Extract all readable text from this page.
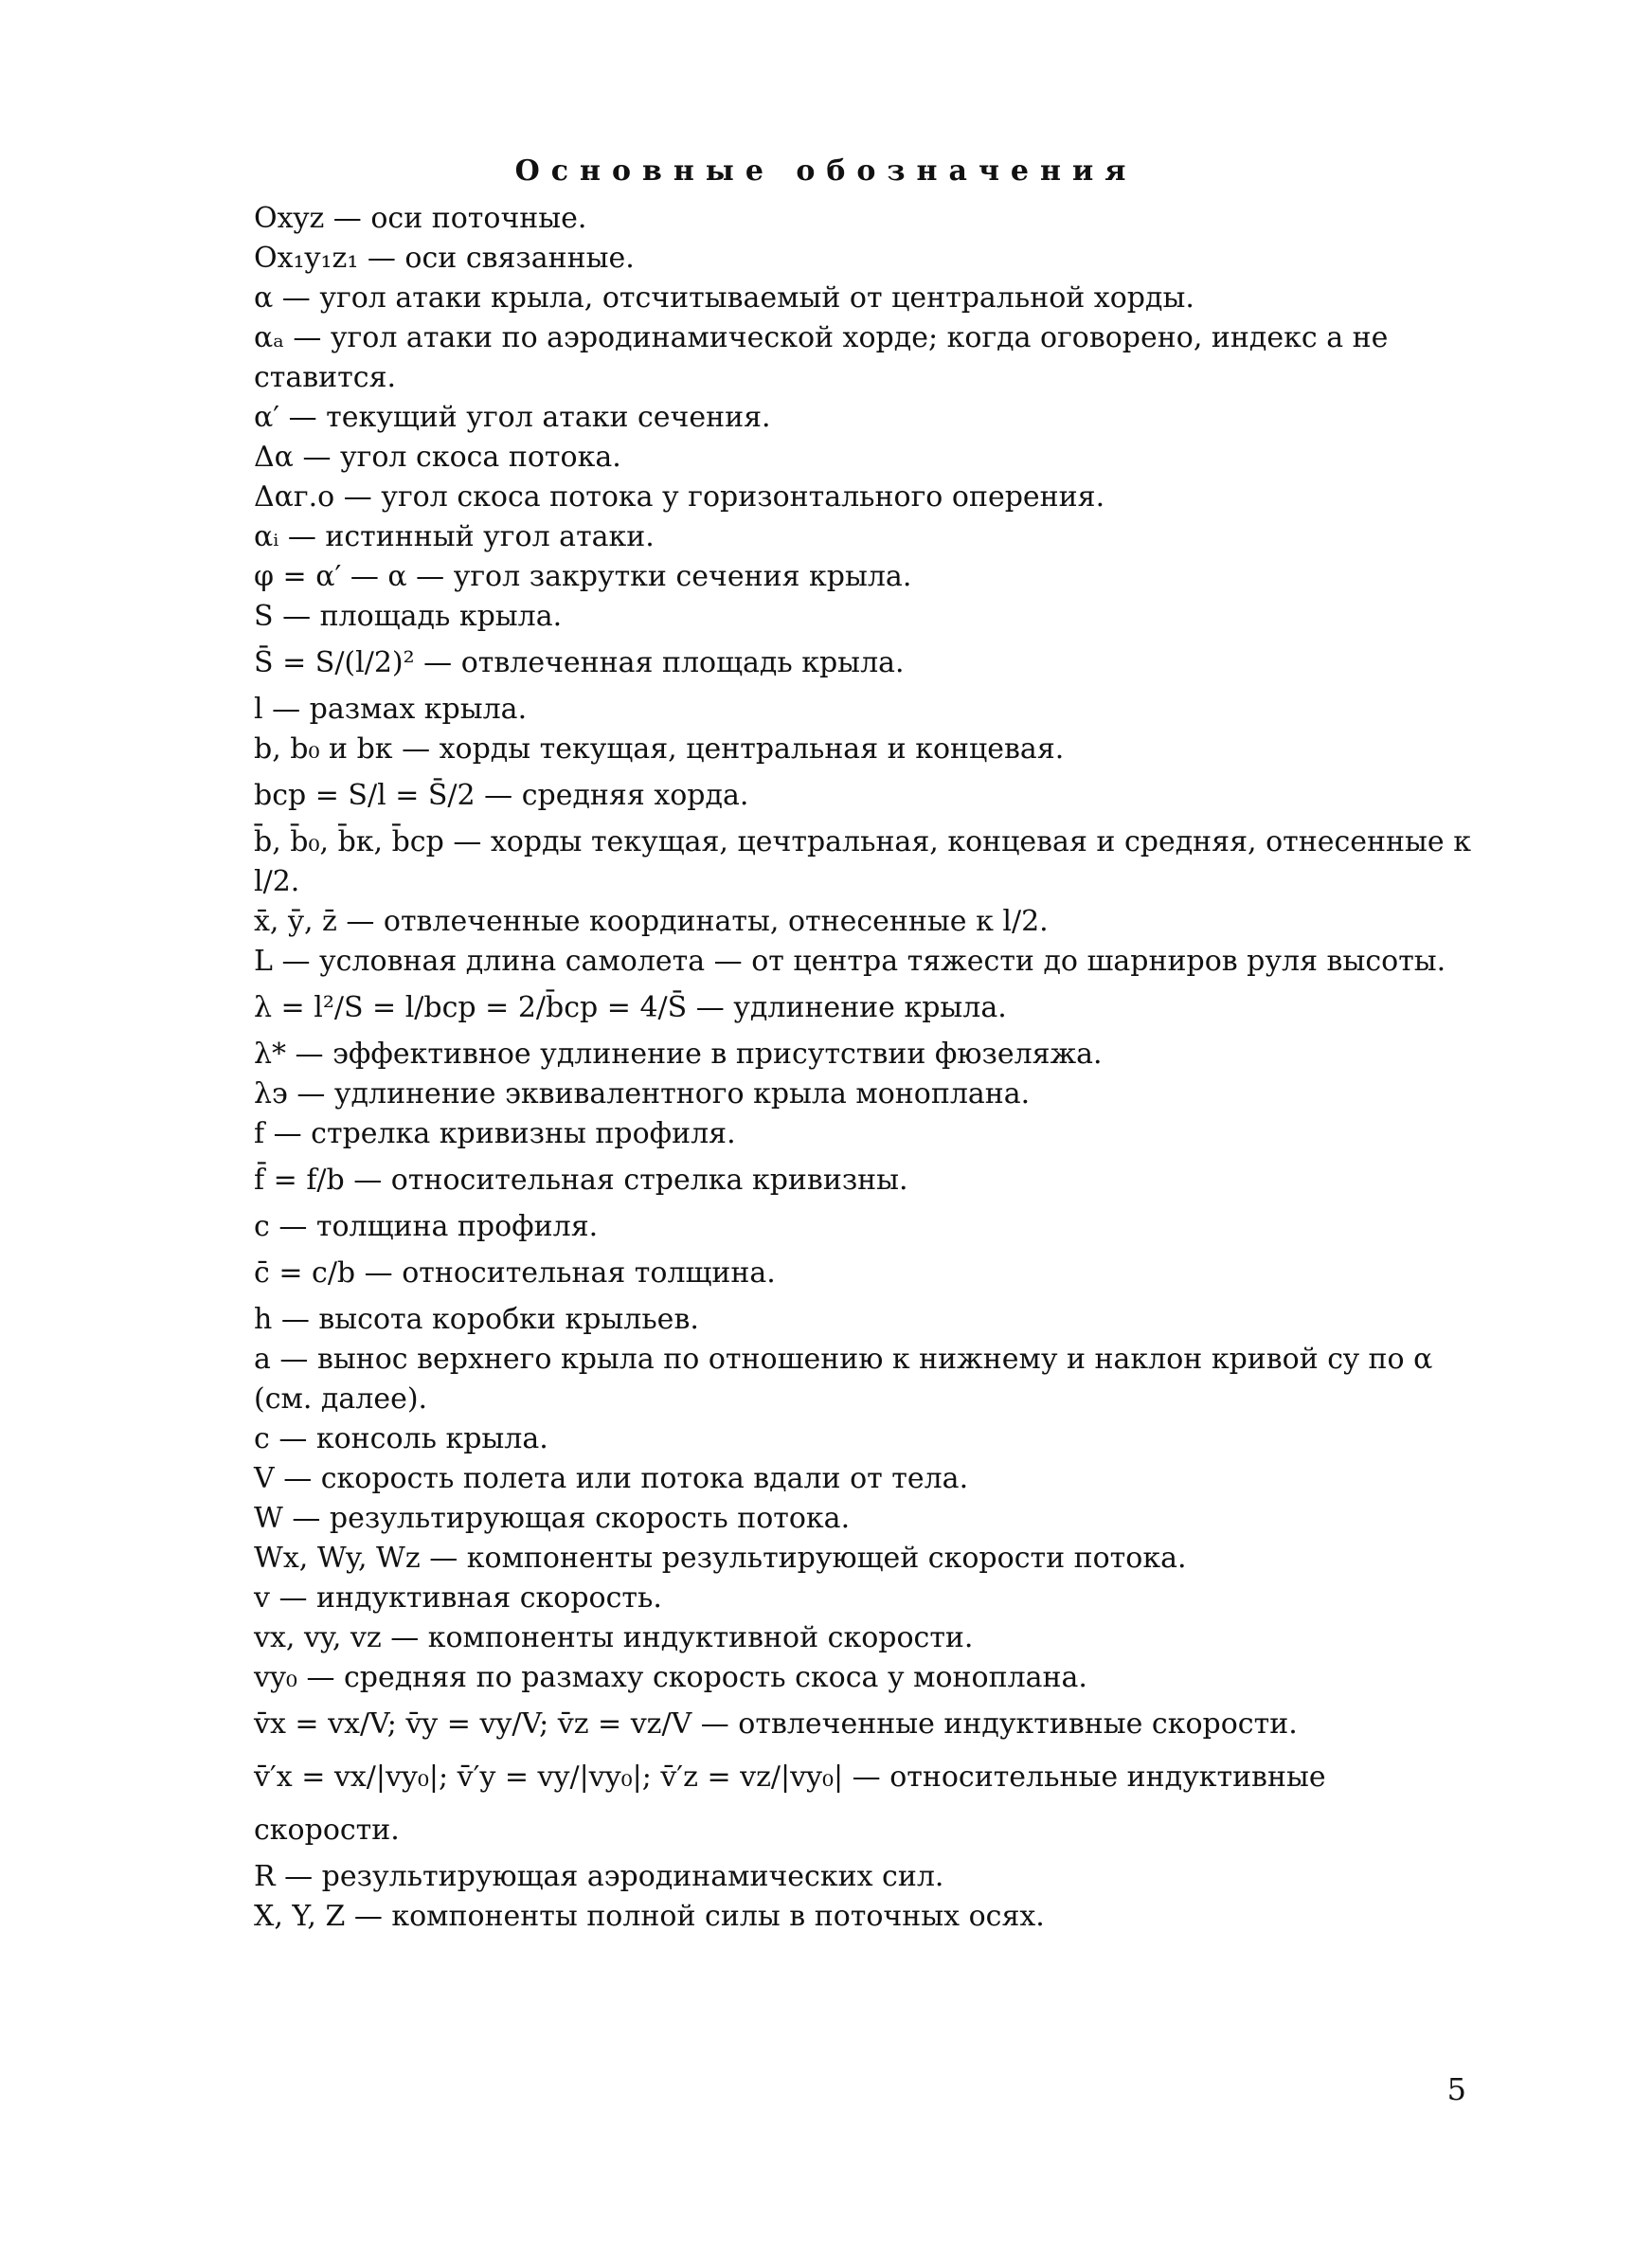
Основные обозначения

Oxyz — оси поточные.

Ox₁y₁z₁ — оси связанные.

α — угол атаки крыла, отсчитываемый от центральной хорды.

αₐ — угол атаки по аэродинамической хорде; когда оговорено, индекс a не ставится.

α′ — текущий угол атаки сечения.

Δα — угол скоса потока.

Δαг.о — угол скоса потока у горизонтального оперения.

αᵢ — истинный угол атаки.

φ = α′ — α — угол закрутки сечения крыла.

S — площадь крыла.

S̄ = S/(l/2)² — отвлеченная площадь крыла.

l — размах крыла.

b, b₀ и bк — хорды текущая, центральная и концевая.

bср = S/l = S̄/2 — средняя хорда.

b̄, b̄₀, b̄к, b̄ср — хорды текущая, цечтральная, концевая и средняя, отнесенные к l/2.

x̄, ȳ, z̄ — отвлеченные координаты, отнесенные к l/2.

L — условная длина самолета — от центра тяжести до шарниров руля высоты.

λ = l²/S = l/bср = 2/b̄ср = 4/S̄ — удлинение крыла.

λ* — эффективное удлинение в присутствии фюзеляжа.

λэ — удлинение эквивалентного крыла моноплана.

f — стрелка кривизны профиля.

f̄ = f/b — относительная стрелка кривизны.

c — толщина профиля.

c̄ = c/b — относительная толщина.

h — высота коробки крыльев.

a — вынос верхнего крыла по отношению к нижнему и наклон кривой cy по α (см. далее).

c — консоль крыла.

V — скорость полета или потока вдали от тела.

W — результирующая скорость потока.

Wx, Wy, Wz — компоненты результирующей скорости потока.

v — индуктивная скорость.

vx, vy, vz — компоненты индуктивной скорости.

vy₀ — средняя по размаху скорость скоса у моноплана.

v̄x = vx/V; v̄y = vy/V; v̄z = vz/V — отвлеченные индуктивные скорости.

v̄′x = vx/|vy₀|; v̄′y = vy/|vy₀|; v̄′z = vz/|vy₀| — относительные индуктивные скорости.

R — результирующая аэродинамических сил.

X, Y, Z — компоненты полной силы в поточных осях.

5
